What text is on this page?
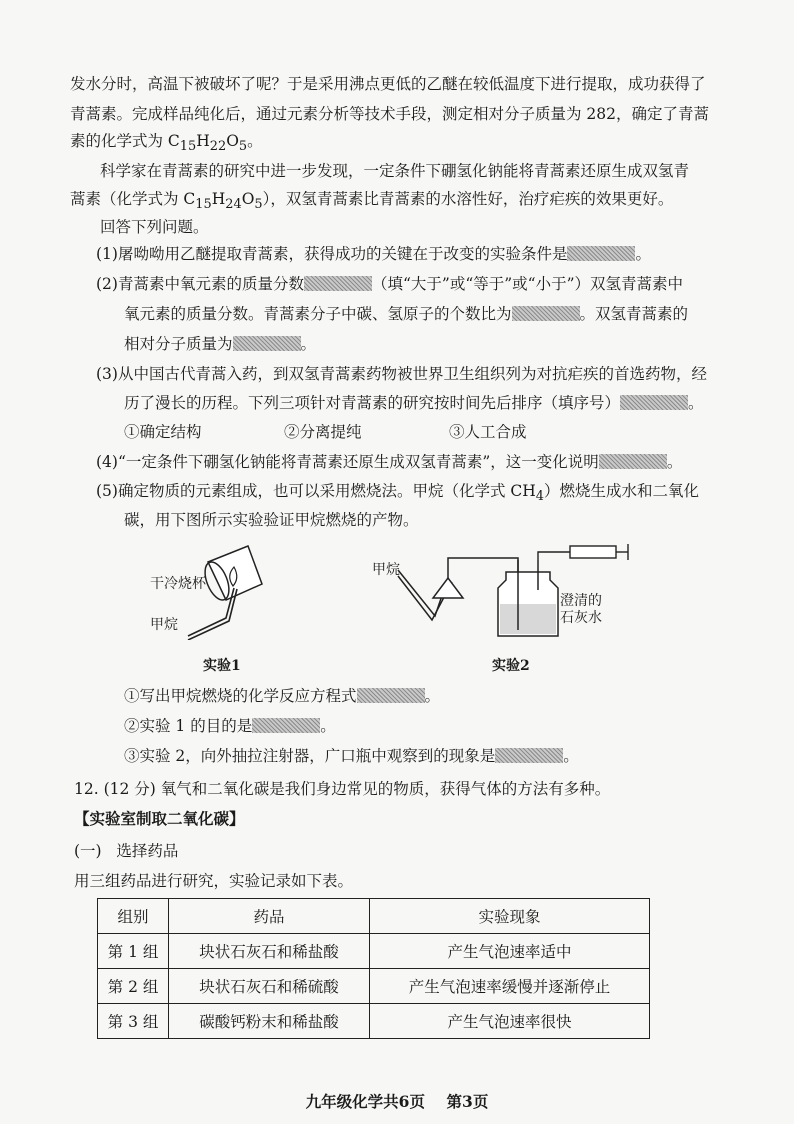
发水分时，高温下被破坏了呢？于是采用沸点更低的乙醚在较低温度下进行提取，成功获得了
青蒿素。完成样品纯化后，通过元素分析等技术手段，测定相对分子质量为 282，确定了青蒿
素的化学式为 $C_{15}H_{22}O_5$。
科学家在青蒿素的研究中进一步发现，一定条件下硼氢化钠能将青蒿素还原生成双氢青
蒿素（化学式为 $C_{15}H_{24}O_5$），双氢青蒿素比青蒿素的水溶性好，治疗疟疾的效果更好。
回答下列问题。
(1)屠呦呦用乙醚提取青蒿素，获得成功的关键在于改变的实验条件是	。
(2)青蒿素中氧元素的质量分数	（填“大于”或“等于”或“小于”）双氢青蒿素中
氧元素的质量分数。青蒿素分子中碳、氢原子的个数比为	。双氢青蒿素的
相对分子质量为	。
(3)从中国古代青蒿入药，到双氢青蒿素药物被世界卫生组织列为对抗疟疾的首选药物，经
历了漫长的历程。下列三项针对青蒿素的研究按时间先后排序（填序号）	。
①确定结构	②分离提纯	③人工合成
(4)“一定条件下硼氢化钠能将青蒿素还原生成双氢青蒿素”，这一变化说明	。
(5)确定物质的元素组成，也可以采用燃烧法。甲烷（化学式 $CH_4$）燃烧生成水和二氧化
碳，用下图所示实验验证甲烷燃烧的产物。
干冷烧杯
甲烷
实验1
甲烷
澄清的
石灰水
实验2
①写出甲烷燃烧的化学反应方程式	。
②实验 1 的目的是	。
③实验 2，向外抽拉注射器，广口瓶中观察到的现象是	。
12. (12 分) 氧气和二氧化碳是我们身边常见的物质，获得气体的方法有多种。
【实验室制取二氧化碳】
(一)   选择药品
用三组药品进行研究，实验记录如下表。
组别	药品	实验现象
第 1 组	块状石灰石和稀盐酸	产生气泡速率适中
第 2 组	块状石灰石和稀硫酸	产生气泡速率缓慢并逐渐停止
第 3 组	碳酸钙粉末和稀盐酸	产生气泡速率很快
九年级化学共6页    第3页
